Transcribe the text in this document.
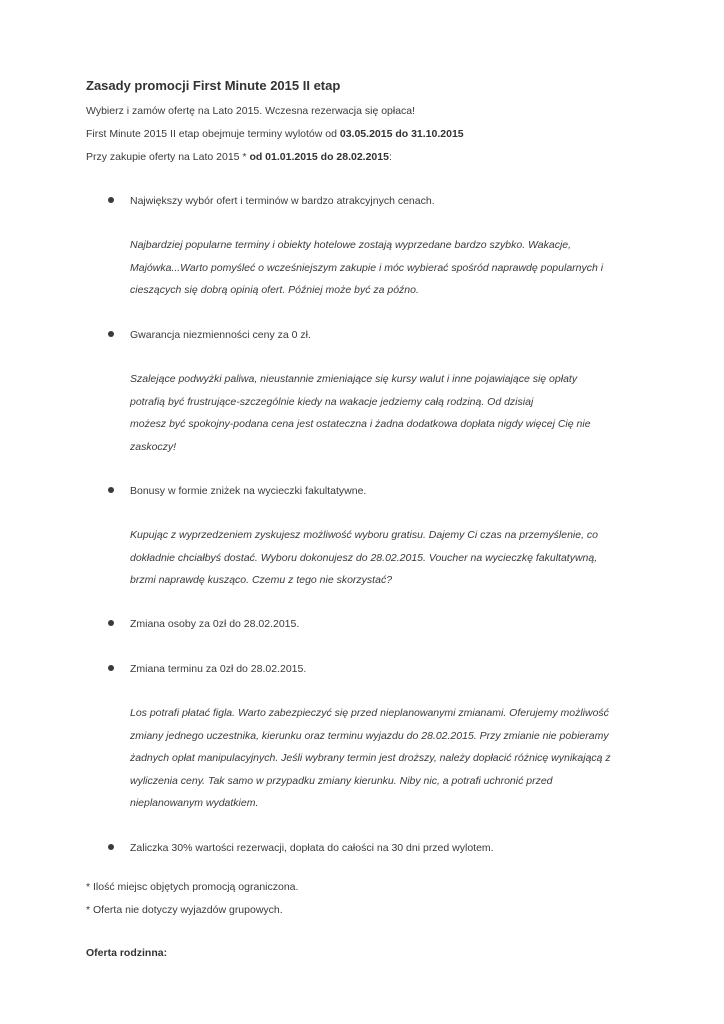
Zasady promocji First Minute 2015 II etap
Wybierz i zamów ofertę na Lato 2015. Wczesna rezerwacja się opłaca!
First Minute 2015 II etap obejmuje terminy wylotów od 03.05.2015 do 31.10.2015
Przy zakupie oferty na Lato 2015 * od 01.01.2015 do 28.02.2015:
Największy wybór ofert i terminów w bardzo atrakcyjnych cenach.
Najbardziej popularne terminy i obiekty hotelowe zostają wyprzedane bardzo szybko. Wakacje,
Majówka...Warto pomyśleć o wcześniejszym zakupie i móc wybierać spośród naprawdę popularnych i
cieszących się dobrą opinią ofert. Później może być za późno.
Gwarancja niezmienności ceny za 0 zł.
Szalejące podwyżki paliwa, nieustannie zmieniające się kursy walut i inne pojawiające się opłaty
potrafią być frustrujące-szczególnie kiedy na wakacje jedziemy całą rodziną. Od dzisiaj
możesz być spokojny-podana cena jest ostateczna i żadna dodatkowa dopłata nigdy więcej Cię nie
zaskoczy!
Bonusy w formie zniżek na wycieczki fakultatywne.
Kupując z wyprzedzeniem zyskujesz możliwość wyboru gratisu. Dajemy Ci czas na przemyślenie, co
dokładnie chciałbyś dostać. Wyboru dokonujesz do 28.02.2015. Voucher na wycieczkę fakultatywną,
brzmi naprawdę kusząco. Czemu z tego nie skorzystać?
Zmiana osoby za 0zł do 28.02.2015.
Zmiana terminu za 0zł do 28.02.2015.
Los potrafi płatać figla. Warto zabezpieczyć się przed nieplanowanymi zmianami. Oferujemy możliwość
zmiany jednego uczestnika, kierunku oraz terminu wyjazdu do 28.02.2015. Przy zmianie nie pobieramy
żadnych opłat manipulacyjnych. Jeśli wybrany termin jest droższy, należy dopłacić różnicę wynikającą z
wyliczenia ceny. Tak samo w przypadku zmiany kierunku. Niby nic, a potrafi uchronić przed
nieplanowanym wydatkiem.
Zaliczka 30% wartości rezerwacji, dopłata do całości na 30 dni przed wylotem.
* Ilość miejsc objętych promocją ograniczona.
* Oferta nie dotyczy wyjazdów grupowych.
Oferta rodzinna:
